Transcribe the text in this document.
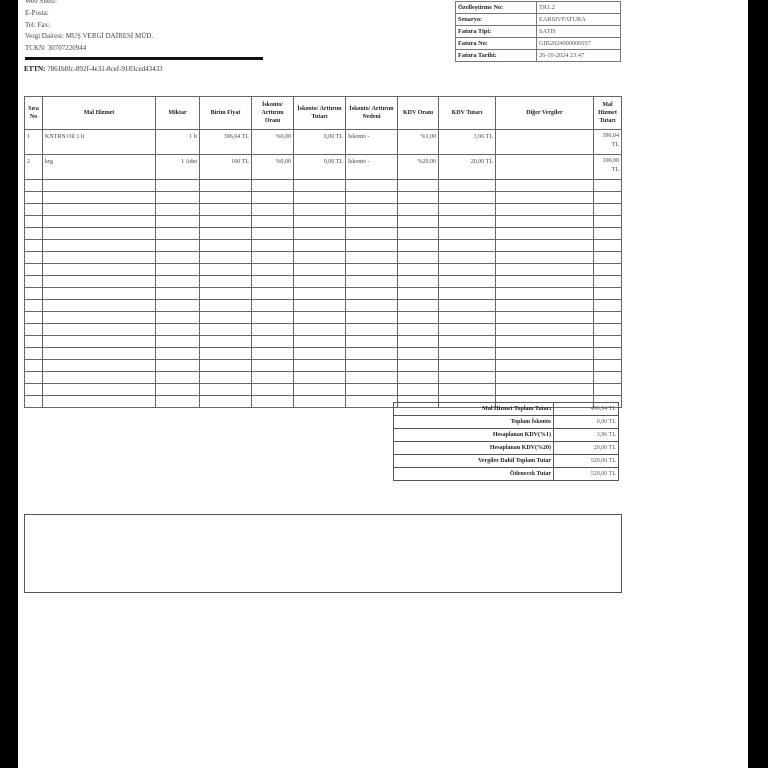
Web Sitesi:
E-Posta:
Tel: Fax:
Vergi Dairesi: MUŞ VERGİ DAİRESİ MÜD.
TCKN: 30707220944
ETTN: 7861b8fc-892f-4e31-8cef-9183ced43433
Özelleştirme No:	TR1.2
Senaryo:	EARSIVFATURA
Fatura Tipi:	SATIS
Fatura No:	GIB2024000000057
Fatura Tarihi:	26-10-2024 23:47
Sıra No	Mal Hizmet	Miktar	Birim Fiyat	İskonto/ Arttırım Oranı	İskonto/ Arttırım Tutarı	İskonto/ Arttırım Nedeni	KDV Oranı	KDV Tutarı	Diğer Vergiler	Mal Hizmet Tutarı
1	KNTRN Oil 1 lt	1 lt	396,04 TL	%0,00	0,00 TL	İskonto -	%1,00	3,96 TL		396,04 TL
2	krg	1 Adet	100 TL	%0,00	0,00 TL	İskonto -	%20,00	20,00 TL		100,00 TL

Mal Hizmet Toplam Tutarı	496,04 TL
Toplam İskonto	0,00 TL
Hesaplanan KDV(%1)	3,96 TL
Hesaplanan KDV(%20)	20,00 TL
Vergiler Dahil Toplam Tutar	520,00 TL
Ödenecek Tutar	520,00 TL
